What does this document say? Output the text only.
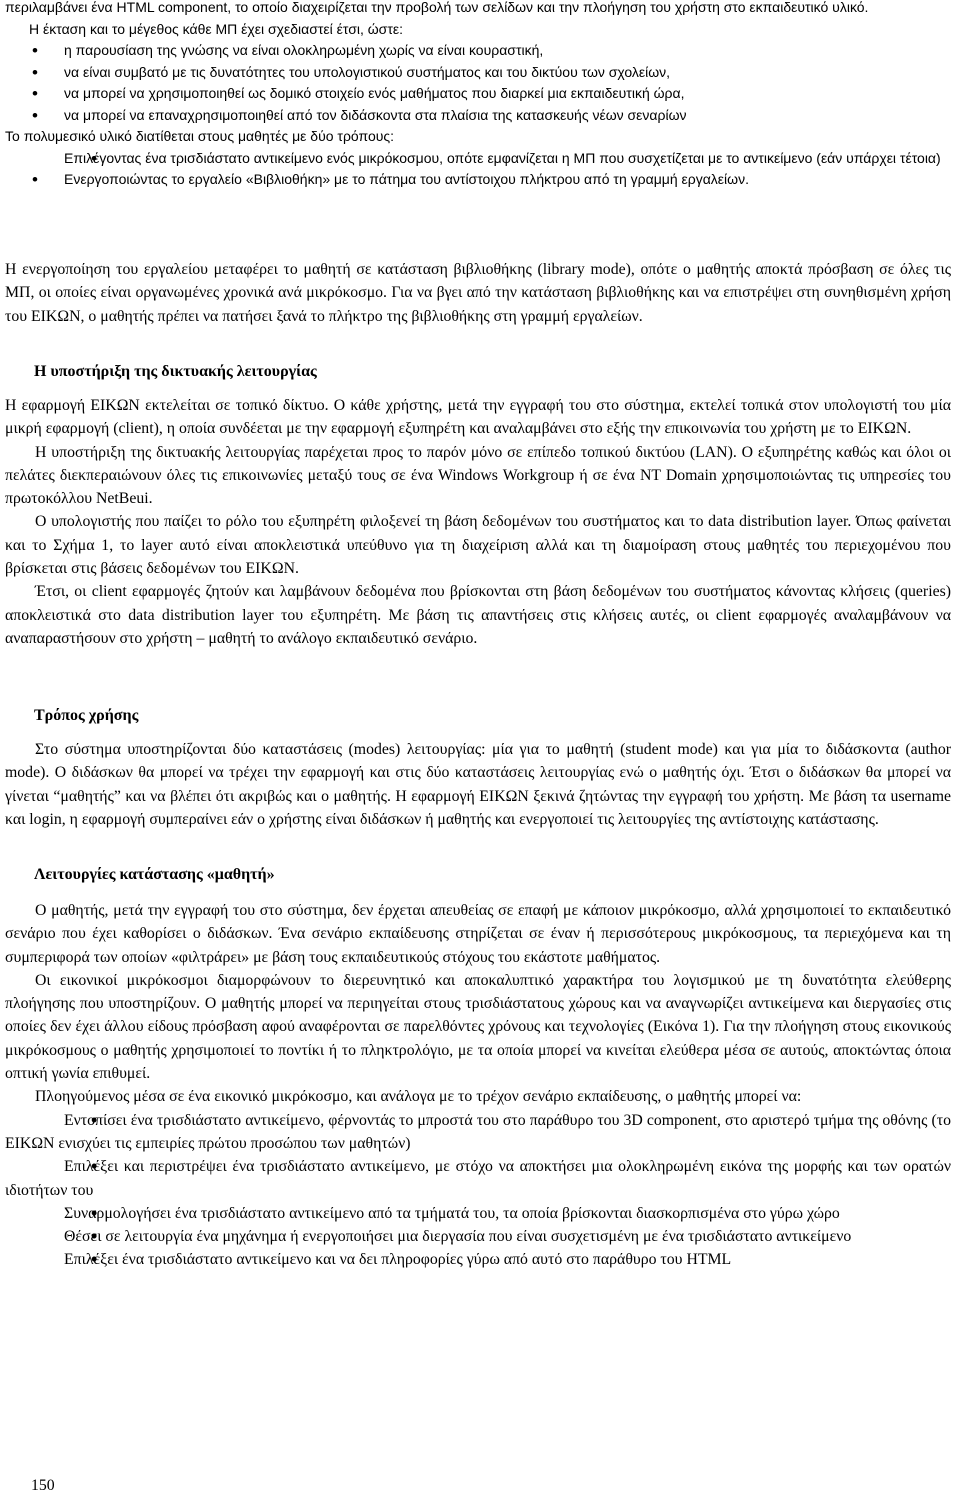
περιλαμβάνει ένα HTML component, το οποίο διαχειρίζεται την προβολή των σελίδων και την πλοήγηση του χρήστη στο εκπαιδευτικό υλικό.

Η έκταση και το μέγεθος κάθε ΜΠ έχει σχεδιαστεί έτσι, ώστε:

• η παρουσίαση της γνώσης να είναι ολοκληρωμένη χωρίς να είναι κουραστική,
• να είναι συμβατό με τις δυνατότητες του υπολογιστικού συστήματος και του δικτύου των σχολείων,
• να μπορεί να χρησιμοποιηθεί ως δομικό στοιχείο ενός μαθήματος που διαρκεί μια εκπαιδευτική ώρα,
• να μπορεί να επαναχρησιμοποιηθεί από τον διδάσκοντα στα πλαίσια της κατασκευής νέων σεναρίων

Το πολυμεσικό υλικό διατίθεται στους μαθητές με δύο τρόπους:

• Επιλέγοντας ένα τρισδιάστατο αντικείμενο ενός μικρόκοσμου, οπότε εμφανίζεται η ΜΠ που συσχετίζεται με το αντικείμενο (εάν υπάρχει τέτοια)
• Ενεργοποιώντας το εργαλείο «Βιβλιοθήκη» με το πάτημα του αντίστοιχου πλήκτρου από τη γραμμή εργαλείων.

Η ενεργοποίηση του εργαλείου μεταφέρει το μαθητή σε κατάσταση βιβλιοθήκης (library mode), οπότε ο μαθητής αποκτά πρόσβαση σε όλες τις ΜΠ, οι οποίες είναι οργανωμένες χρονικά ανά μικρόκοσμο. Για να βγει από την κατάσταση βιβλιοθήκης και να επιστρέψει στη συνηθισμένη χρήση του ΕΙΚΩΝ, ο μαθητής πρέπει να πατήσει ξανά το πλήκτρο της βιβλιοθήκης στη γραμμή εργαλείων.

Η υποστήριξη της δικτυακής λειτουργίας

Η εφαρμογή ΕΙΚΩΝ εκτελείται σε τοπικό δίκτυο. Ο κάθε χρήστης, μετά την εγγραφή του στο σύστημα, εκτελεί τοπικά στον υπολογιστή του μία μικρή εφαρμογή (client), η οποία συνδέεται με την εφαρμογή εξυπηρέτη και αναλαμβάνει στο εξής την επικοινωνία του χρήστη με το ΕΙΚΩΝ.

Η υποστήριξη της δικτυακής λειτουργίας παρέχεται προς το παρόν μόνο σε επίπεδο τοπικού δικτύου (LAN). Ο εξυπηρέτης καθώς και όλοι οι πελάτες διεκπεραιώνουν όλες τις επικοινωνίες μεταξύ τους σε ένα Windows Workgroup ή σε ένα NT Domain χρησιμοποιώντας τις υπηρεσίες του πρωτοκόλλου NetBeui.

Ο υπολογιστής που παίζει το ρόλο του εξυπηρέτη φιλοξενεί τη βάση δεδομένων του συστήματος και το data distribution layer. Όπως φαίνεται και το Σχήμα 1, το layer αυτό είναι αποκλειστικά υπεύθυνο για τη διαχείριση αλλά και τη διαμοίραση στους μαθητές του περιεχομένου που βρίσκεται στις βάσεις δεδομένων του ΕΙΚΩΝ.

Έτσι, οι client εφαρμογές ζητούν και λαμβάνουν δεδομένα που βρίσκονται στη βάση δεδομένων του συστήματος κάνοντας κλήσεις (queries) αποκλειστικά στο data distribution layer του εξυπηρέτη. Με βάση τις απαντήσεις στις κλήσεις αυτές, οι client εφαρμογές αναλαμβάνουν να αναπαραστήσουν στο χρήστη – μαθητή το ανάλογο εκπαιδευτικό σενάριο.

Τρόπος χρήσης

Στο σύστημα υποστηρίζονται δύο καταστάσεις (modes) λειτουργίας: μία για το μαθητή (student mode) και για μία το διδάσκοντα (author mode). Ο διδάσκων θα μπορεί να τρέχει την εφαρμογή και στις δύο καταστάσεις λειτουργίας ενώ ο μαθητής όχι. Έτσι ο διδάσκων θα μπορεί να γίνεται “μαθητής” και να βλέπει ότι ακριβώς και ο μαθητής. Η εφαρμογή ΕΙΚΩΝ ξεκινά ζητώντας την εγγραφή του χρήστη. Με βάση τα username και login, η εφαρμογή συμπεραίνει εάν ο χρήστης είναι διδάσκων ή μαθητής και ενεργοποιεί τις λειτουργίες της αντίστοιχης κατάστασης.

Λειτουργίες κατάστασης «μαθητή»

Ο μαθητής, μετά την εγγραφή του στο σύστημα, δεν έρχεται απευθείας σε επαφή με κάποιον μικρόκοσμο, αλλά χρησιμοποιεί το εκπαιδευτικό σενάριο που έχει καθορίσει ο διδάσκων. Ένα σενάριο εκπαίδευσης στηρίζεται σε έναν ή περισσότερους μικρόκοσμους, τα περιεχόμενα και τη συμπεριφορά των οποίων «φιλτράρει» με βάση τους εκπαιδευτικούς στόχους του εκάστοτε μαθήματος.

Οι εικονικοί μικρόκοσμοι διαμορφώνουν το διερευνητικό και αποκαλυπτικό χαρακτήρα του λογισμικού με τη δυνατότητα ελεύθερης πλοήγησης που υποστηρίζουν. Ο μαθητής μπορεί να περιηγείται στους τρισδιάστατους χώρους και να αναγνωρίζει αντικείμενα και διεργασίες στις οποίες δεν έχει άλλου είδους πρόσβαση αφού αναφέρονται σε παρελθόντες χρόνους και τεχνολογίες (Εικόνα 1). Για την πλοήγηση στους εικονικούς μικρόκοσμους ο μαθητής χρησιμοποιεί το ποντίκι ή το πληκτρολόγιο, με τα οποία μπορεί να κινείται ελεύθερα μέσα σε αυτούς, αποκτώντας όποια οπτική γωνία επιθυμεί.

Πλοηγούμενος μέσα σε ένα εικονικό μικρόκοσμο, και ανάλογα με το τρέχον σενάριο εκπαίδευσης, ο μαθητής μπορεί να:

• Εντοπίσει ένα τρισδιάστατο αντικείμενο, φέρνοντάς το μπροστά του στο παράθυρο του 3D component, στο αριστερό τμήμα της οθόνης (το ΕΙΚΩΝ ενισχύει τις εμπειρίες πρώτου προσώπου των μαθητών)
• Επιλέξει και περιστρέψει ένα τρισδιάστατο αντικείμενο, με στόχο να αποκτήσει μια ολοκληρωμένη εικόνα της μορφής και των ορατών ιδιοτήτων του
• Συναρμολογήσει ένα τρισδιάστατο αντικείμενο από τα τμήματά του, τα οποία βρίσκονται διασκορπισμένα στο γύρω χώρο
• Θέσει σε λειτουργία ένα μηχάνημα ή ενεργοποιήσει μια διεργασία που είναι συσχετισμένη με ένα τρισδιάστατο αντικείμενο
• Επιλέξει ένα τρισδιάστατο αντικείμενο και να δει πληροφορίες γύρω από αυτό στο παράθυρο του HTML
150
